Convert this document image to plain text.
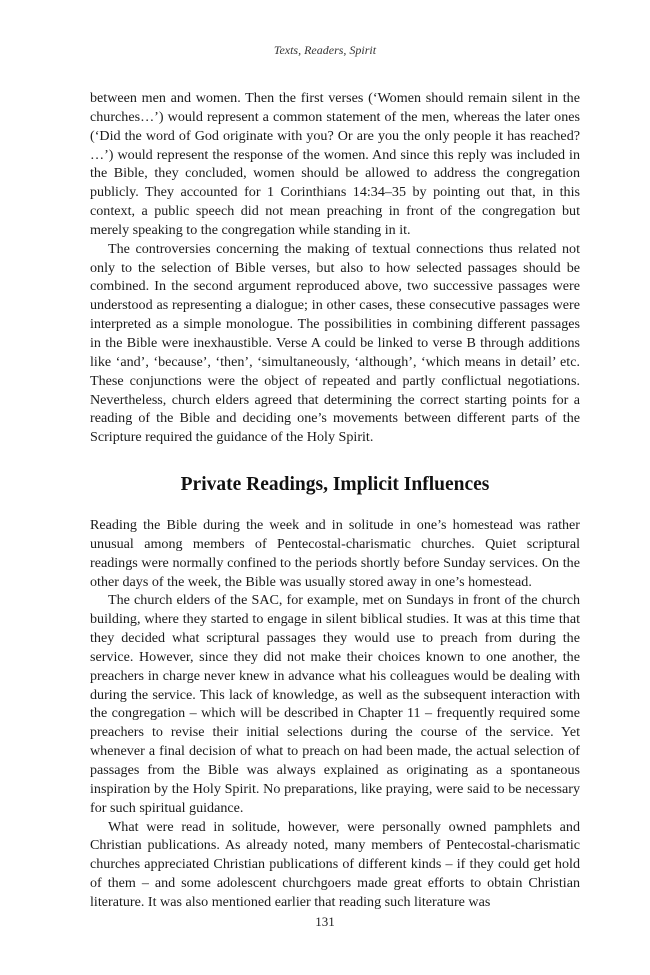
Texts, Readers, Spirit

between men and women. Then the first verses (‘Women should remain silent in the churches…’) would represent a common statement of the men, whereas the later ones (‘Did the word of God originate with you? Or are you the only people it has reached? …’) would represent the response of the women. And since this reply was included in the Bible, they concluded, women should be allowed to address the congregation publicly. They accounted for 1 Corinthians 14:34–35 by pointing out that, in this context, a public speech did not mean preaching in front of the congregation but merely speaking to the congregation while standing in it.

The controversies concerning the making of textual connections thus related not only to the selection of Bible verses, but also to how selected passages should be combined. In the second argument reproduced above, two successive passages were understood as representing a dialogue; in other cases, these consecutive passages were interpreted as a simple monologue. The possibilities in combining different passages in the Bible were inexhaustible. Verse A could be linked to verse B through additions like ‘and’, ‘because’, ‘then’, ‘simultaneously, ‘although’, ‘which means in detail’ etc. These conjunctions were the object of repeated and partly conflictual negotiations. Nevertheless, church elders agreed that determining the correct starting points for a reading of the Bible and deciding one’s movements between different parts of the Scripture required the guidance of the Holy Spirit.

Private Readings, Implicit Influences

Reading the Bible during the week and in solitude in one’s homestead was rather unusual among members of Pentecostal-charismatic churches. Quiet scriptural readings were normally confined to the periods shortly before Sunday services. On the other days of the week, the Bible was usually stored away in one’s homestead.

The church elders of the SAC, for example, met on Sundays in front of the church building, where they started to engage in silent biblical studies. It was at this time that they decided what scriptural passages they would use to preach from during the service. However, since they did not make their choices known to one another, the preachers in charge never knew in advance what his colleagues would be dealing with during the service. This lack of knowledge, as well as the subsequent interaction with the congregation – which will be described in Chapter 11 – frequently required some preachers to revise their initial selections during the course of the service. Yet whenever a final decision of what to preach on had been made, the actual selection of passages from the Bible was always explained as originating as a spontaneous inspiration by the Holy Spirit. No preparations, like praying, were said to be necessary for such spiritual guidance.

What were read in solitude, however, were personally owned pamphlets and Christian publications. As already noted, many members of Pentecostal-charismatic churches appreciated Christian publications of different kinds – if they could get hold of them – and some adolescent churchgoers made great efforts to obtain Christian literature. It was also mentioned earlier that reading such literature was

131
